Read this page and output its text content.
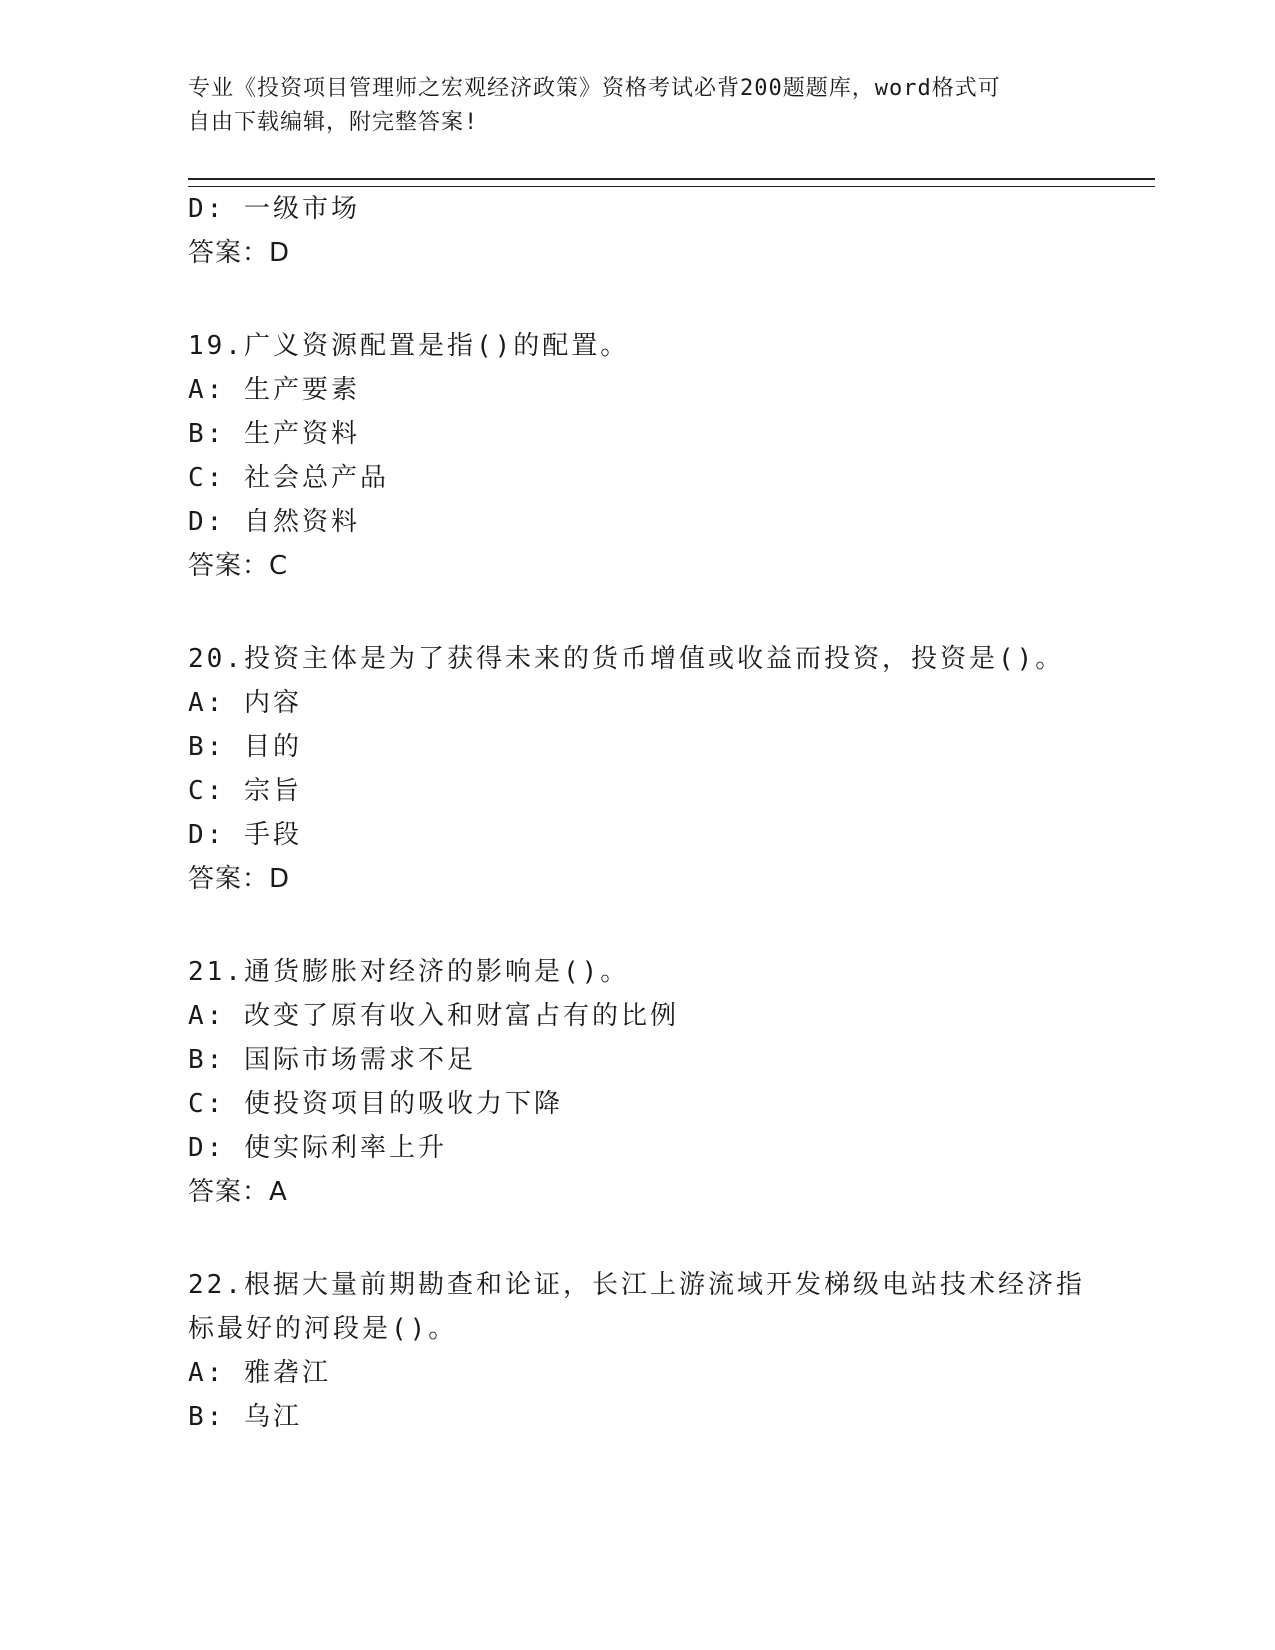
专业《投资项目管理师之宏观经济政策》资格考试必背200题题库，word格式可
自由下载编辑，附完整答案!
D: 一级市场
答案：D
19.广义资源配置是指()的配置。
A: 生产要素
B: 生产资料
C: 社会总产品
D: 自然资料
答案：C
20.投资主体是为了获得未来的货币增值或收益而投资，投资是()。
A: 内容
B: 目的
C: 宗旨
D: 手段
答案：D
21.通货膨胀对经济的影响是()。
A: 改变了原有收入和财富占有的比例
B: 国际市场需求不足
C: 使投资项目的吸收力下降
D: 使实际利率上升
答案：A
22.根据大量前期勘查和论证，长江上游流域开发梯级电站技术经济指
标最好的河段是()。
A: 雅砻江
B: 乌江
